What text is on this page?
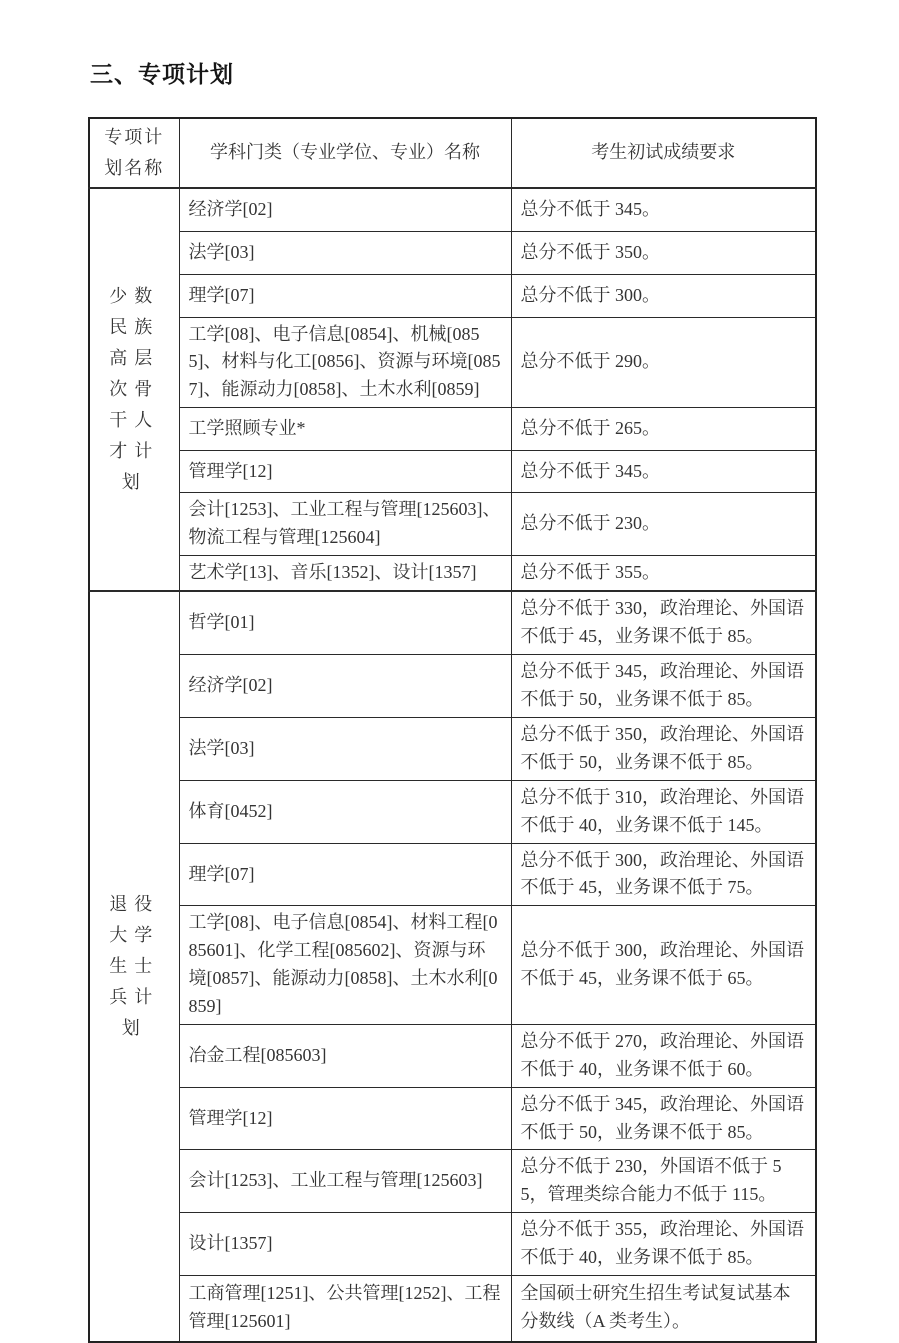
三、专项计划
专项计划名称	学科门类（专业学位、专业）名称	考生初试成绩要求

少数民族高层次骨干人才计划	经济学[02]	总分不低于 345。
	法学[03]	总分不低于 350。
	理学[07]	总分不低于 300。
	工学[08]、电子信息[0854]、机械[0855]、材料与化工[0856]、资源与环境[0857]、能源动力[0858]、土木水利[0859]	总分不低于 290。
	工学照顾专业*	总分不低于 265。
	管理学[12]	总分不低于 345。
	会计[1253]、工业工程与管理[125603]、物流工程与管理[125604]	总分不低于 230。
	艺术学[13]、音乐[1352]、设计[1357]	总分不低于 355。

退役大学生士兵计划	哲学[01]	总分不低于 330，政治理论、外国语不低于 45，业务课不低于 85。
	经济学[02]	总分不低于 345，政治理论、外国语不低于 50，业务课不低于 85。
	法学[03]	总分不低于 350，政治理论、外国语不低于 50，业务课不低于 85。
	体育[0452]	总分不低于 310，政治理论、外国语不低于 40，业务课不低于 145。
	理学[07]	总分不低于 300，政治理论、外国语不低于 45，业务课不低于 75。
	工学[08]、电子信息[0854]、材料工程[085601]、化学工程[085602]、资源与环境[0857]、能源动力[0858]、土木水利[0859]	总分不低于 300，政治理论、外国语不低于 45，业务课不低于 65。
	冶金工程[085603]	总分不低于 270，政治理论、外国语不低于 40，业务课不低于 60。
	管理学[12]	总分不低于 345，政治理论、外国语不低于 50，业务课不低于 85。
	会计[1253]、工业工程与管理[125603]	总分不低于 230，外国语不低于 55，管理类综合能力不低于 115。
	设计[1357]	总分不低于 355，政治理论、外国语不低于 40，业务课不低于 85。
	工商管理[1251]、公共管理[1252]、工程管理[125601]	全国硕士研究生招生考试复试基本分数线（A 类考生）。
